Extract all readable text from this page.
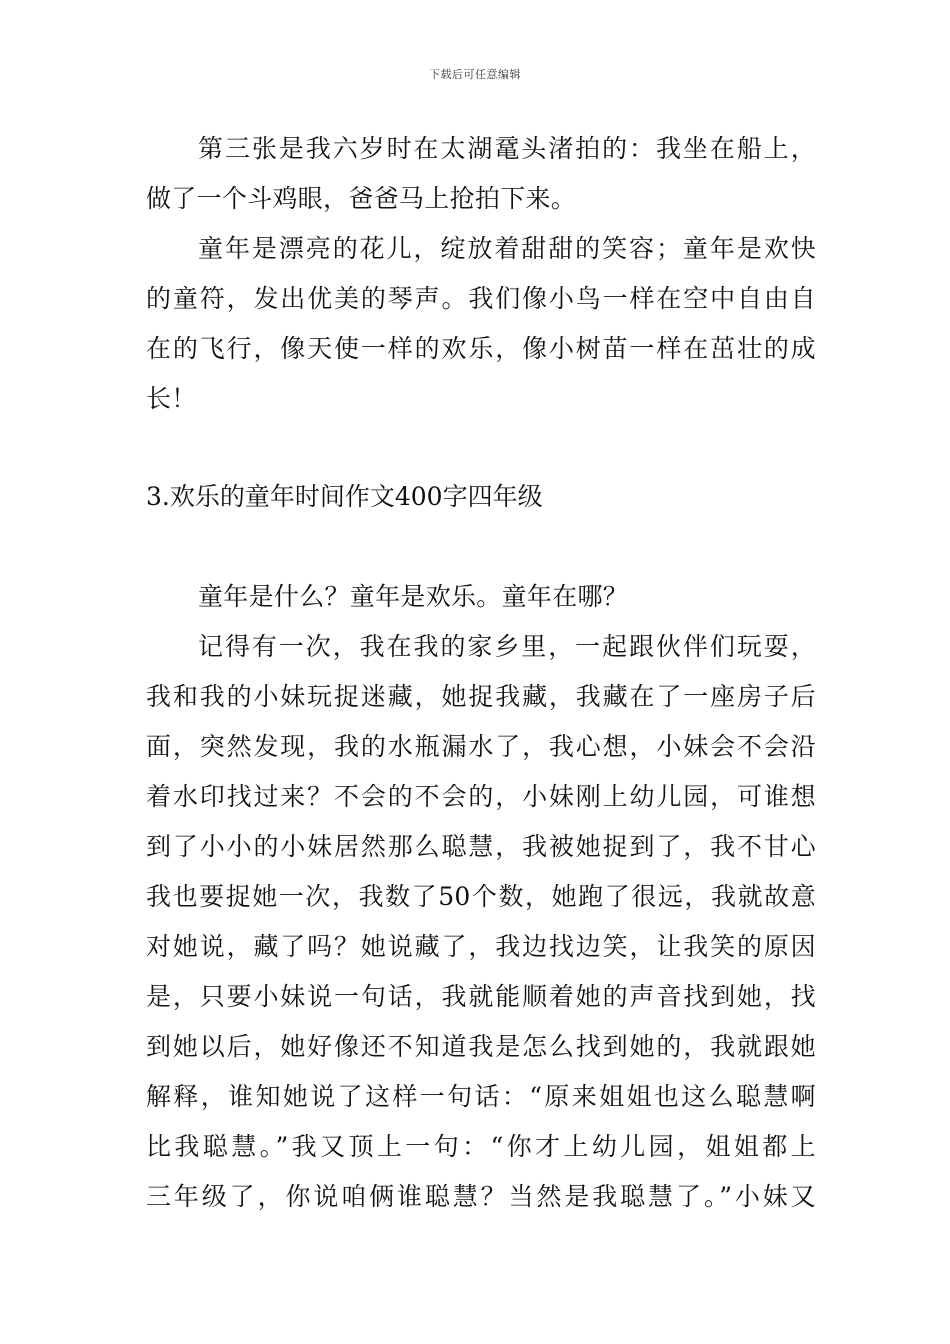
下载后可任意编辑
第三张是我六岁时在太湖鼋头渚拍的：我坐在船上，
做了一个斗鸡眼，爸爸马上抢拍下来。
童年是漂亮的花儿，绽放着甜甜的笑容；童年是欢快
的童符，发出优美的琴声。我们像小鸟一样在空中自由自
在的飞行，像天使一样的欢乐，像小树苗一样在茁壮的成
长！
3.欢乐的童年时间作文400字四年级
童年是什么？童年是欢乐。童年在哪？
记得有一次，我在我的家乡里，一起跟伙伴们玩耍，
我和我的小妹玩捉迷藏，她捉我藏，我藏在了一座房子后
面，突然发现，我的水瓶漏水了，我心想，小妹会不会沿
着水印找过来？不会的不会的，小妹刚上幼儿园，可谁想
到了小小的小妹居然那么聪慧，我被她捉到了，我不甘心
我也要捉她一次，我数了50个数，她跑了很远，我就故意
对她说，藏了吗？她说藏了，我边找边笑，让我笑的原因
是，只要小妹说一句话，我就能顺着她的声音找到她，找
到她以后，她好像还不知道我是怎么找到她的，我就跟她
解释，谁知她说了这样一句话：“原来姐姐也这么聪慧啊
比我聪慧。”我又顶上一句：“你才上幼儿园，姐姐都上
三年级了，你说咱俩谁聪慧？当然是我聪慧了。”小妹又
